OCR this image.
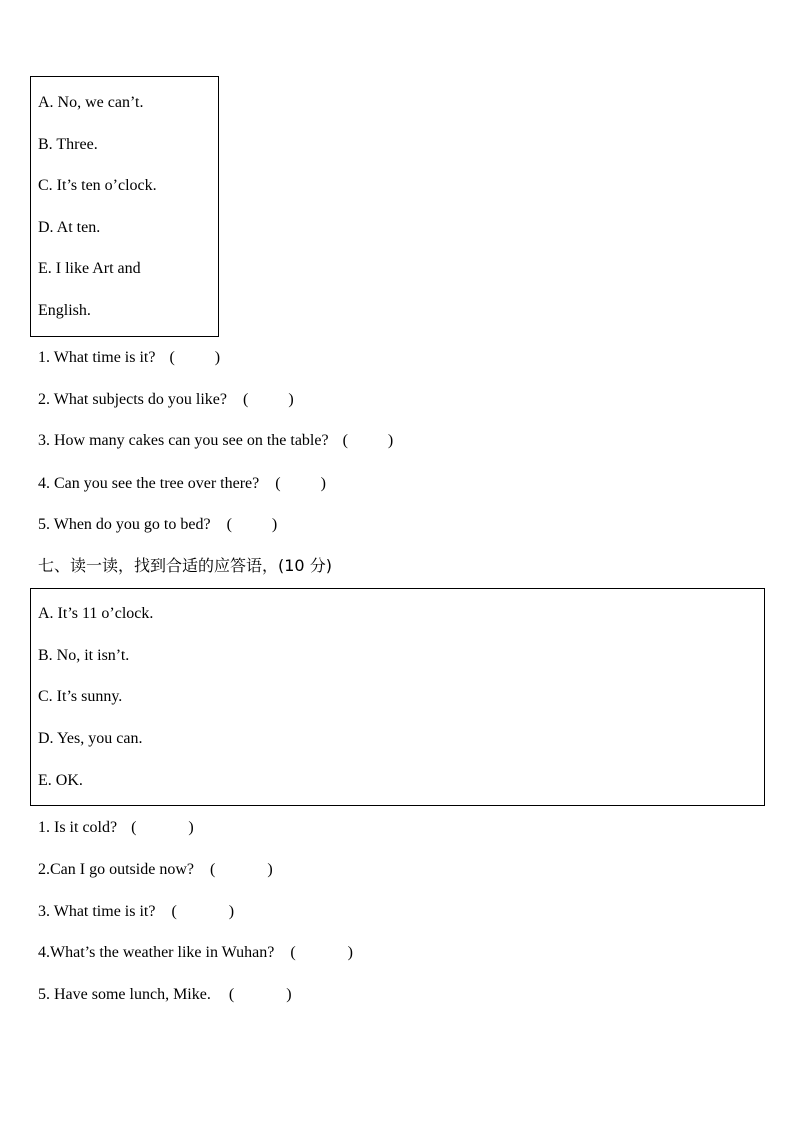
A. No, we can’t.
B. Three.
C. It’s ten o’clock.
D. At ten.
E. I like Art and
English.
1. What time is it? (          )
2. What subjects do you like? (          )
3. How many cakes can you see on the table? (          )
4. Can you see the tree over there? (          )
5. When do you go to bed? (          )
七、读一读，找到合适的应答语，(10 分)
A. It’s 11 o’clock.
B. No, it isn’t.
C. It’s sunny.
D. Yes, you can.
E. OK.
1. Is it cold? (             )
2.Can I go outside now? (             )
3. What time is it? (             )
4.What’s the weather like in Wuhan? (             )
5. Have some lunch, Mike. (             )
